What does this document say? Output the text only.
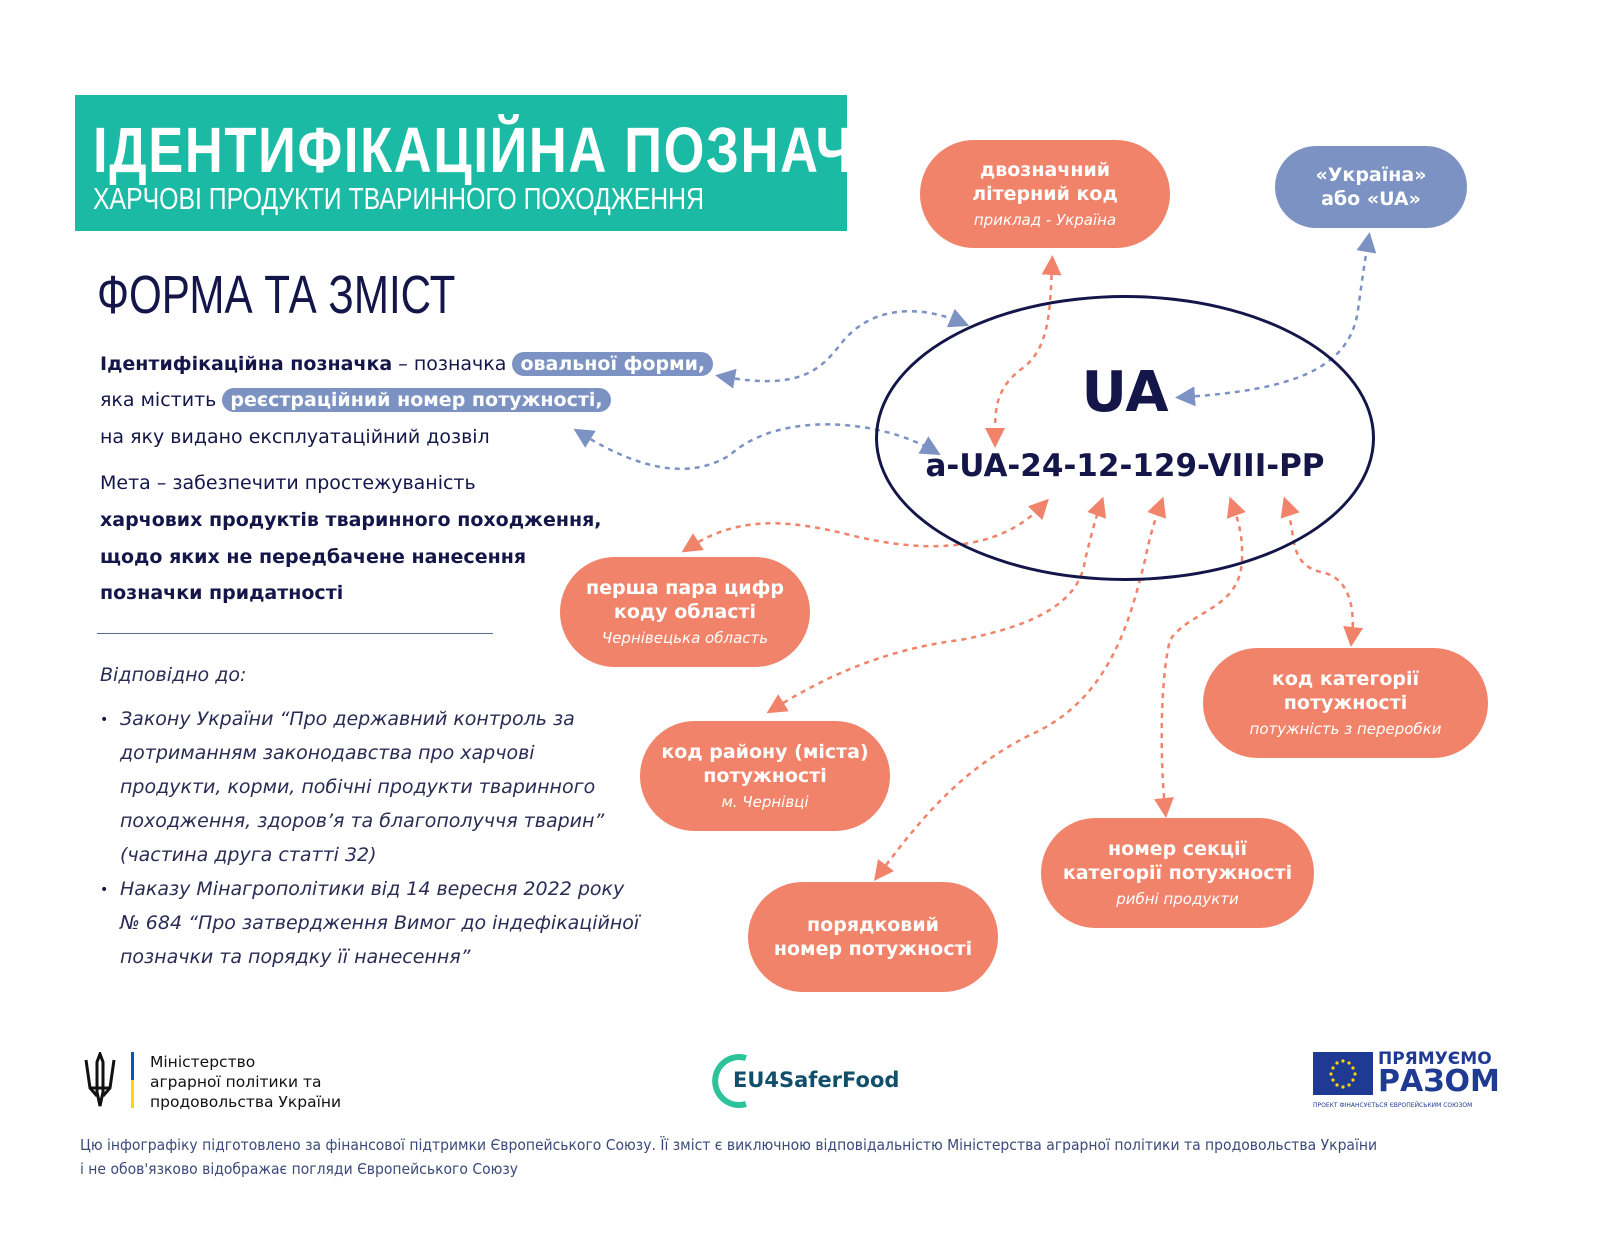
ІДЕНТИФІКАЦІЙНА ПОЗНАЧКА
ХАРЧОВІ ПРОДУКТИ ТВАРИННОГО ПОХОДЖЕННЯ
ФОРМА ТА ЗМІСТ
Ідентифікаційна позначка – позначка овальної форми,
яка містить реєстраційний номер потужності,
на яку видано експлуатаційний дозвіл
Мета – забезпечити простежуваність
харчових продуктів тваринного походження,
щодо яких не передбачене нанесення
позначки придатності
Відповідно до:
• Закону України “Про державний контроль за
дотриманням законодавства про харчові
продукти, корми, побічні продукти тваринного
походження, здоров’я та благополуччя тварин”
(частина друга статті 32)
• Наказу Мінагрополітики від 14 вересня 2022 року
№ 684 “Про затвердження Вимог до індефікаційної
позначки та порядку її нанесення”
UA
a-UA-24-12-129-VIII-PP
двозначний
літерний код
приклад - Україна
«Україна»
або «UA»
перша пара цифр
коду області
Чернівецька область
код району (міста)
потужності
м. Чернівці
порядковий
номер потужності
номер секції
категорії потужності
рибні продукти
код категорії
потужності
потужність з переробки
Міністерство
аграрної політики та
продовольства України
EU4SaferFood
ПРЯМУЄМО
РАЗОМ
ПРОЕКТ ФІНАНСУЄТЬСЯ ЄВРОПЕЙСЬКИМ СОЮЗОМ
Цю інфографіку підготовлено за фінансової підтримки Європейського Союзу. Її зміст є виключною відповідальністю Міністерства аграрної політики та продовольства України
і не обов'язково відображає погляди Європейського Союзу
